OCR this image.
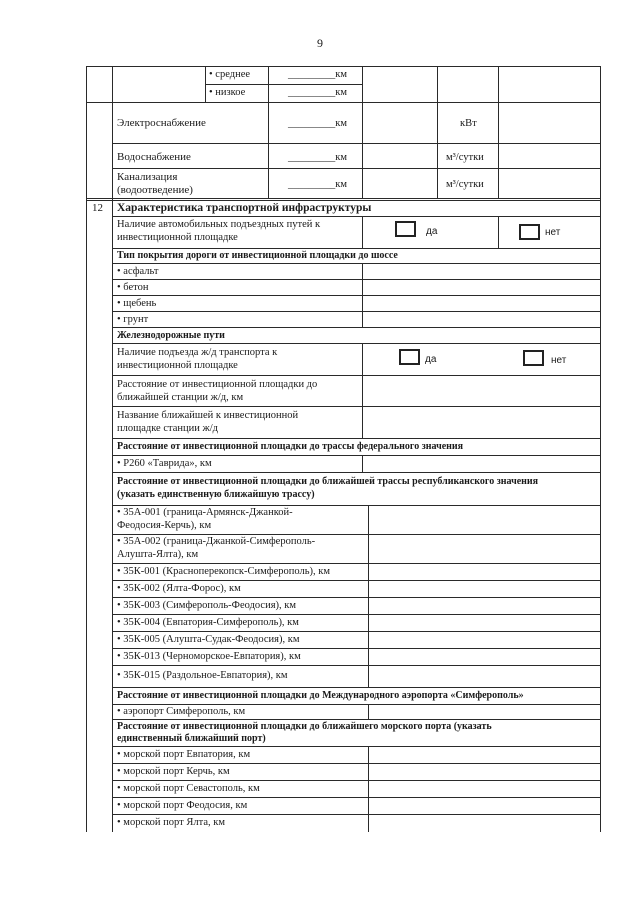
9
• среднее	_________км
• низкое	_________км
Электроснабжение	_________км	кВт
Водоснабжение	_________км	м³/сутки
Канализация
(водоотведение)	_________км	м³/сутки
12 Характеристика транспортной инфраструктуры
Наличие автомобильных подъездных путей к
инвестиционной площадке
да	нет
Тип покрытия дороги от инвестиционной площадки до шоссе
• асфальт
• бетон
• щебень
• грунт
Железнодорожные пути
Наличие подъезда ж/д транспорта к
инвестиционной площадке
да	нет
Расстояние от инвестиционной площадки до
ближайшей станции ж/д, км
Название ближайшей к инвестиционной
площадке станции ж/д
Расстояние от инвестиционной площадки до трассы федерального значения
• Р260 «Таврида», км
Расстояние от инвестиционной площадки до ближайшей трассы республиканского значения
(указать единственную ближайшую трассу)
• 35А-001 (граница-Армянск-Джанкой-
Феодосия-Керчь), км
• 35А-002 (граница-Джанкой-Симферополь-
Алушта-Ялта), км
• 35К-001 (Красноперекопск-Симферополь), км
• 35К-002 (Ялта-Форос), км
• 35К-003 (Симферополь-Феодосия), км
• 35К-004 (Евпатория-Симферополь), км
• 35К-005 (Алушта-Судак-Феодосия), км
• 35К-013 (Черноморское-Евпатория), км
• 35К-015 (Раздольное-Евпатория), км
Расстояние от инвестиционной площадки до Международного аэропорта «Симферополь»
• аэропорт Симферополь, км
Расстояние от инвестиционной площадки до ближайшего морского порта (указать
единственный ближайший порт)
• морской порт Евпатория, км
• морской порт Керчь, км
• морской порт Севастополь, км
• морской порт Феодосия, км
• морской порт Ялта, км
